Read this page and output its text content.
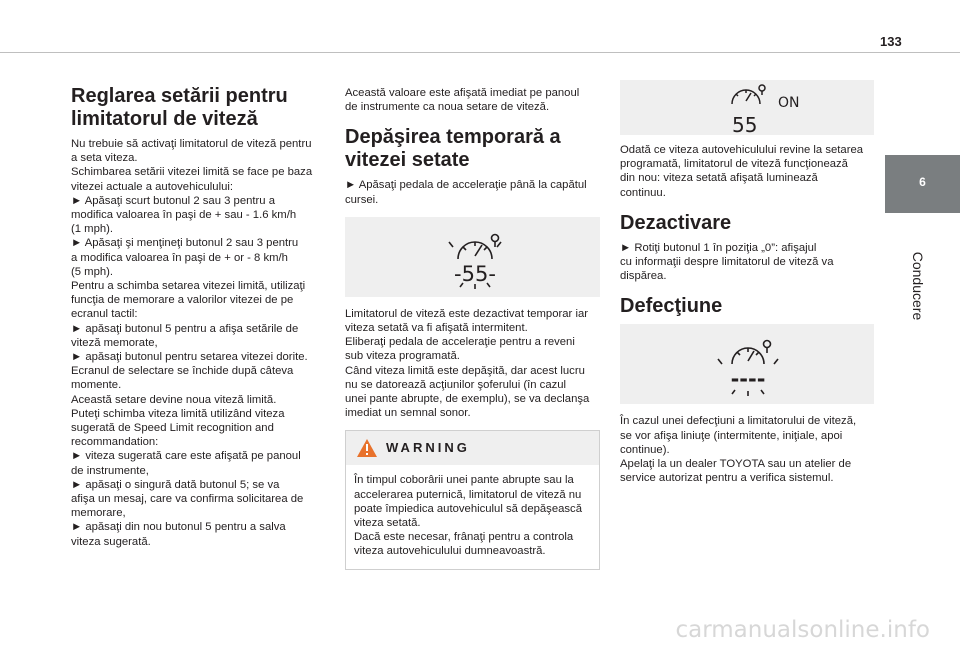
133
6
Conducere
Reglarea setării pentru limitatorul de viteză

Nu trebuie să activaţi limitatorul de viteză pentru

a seta viteza.

Schimbarea setării vitezei limită se face pe baza

vitezei actuale a autovehiculului:

► Apăsaţi scurt butonul 2 sau 3 pentru a

modifica valoarea în paşi de + sau - 1.6 km/h

(1 mph).

► Apăsaţi şi menţineţi butonul 2 sau 3 pentru

a modifica valoarea în paşi de + or - 8 km/h

(5 mph).

Pentru a schimba setarea vitezei limită, utilizaţi

funcţia de memorare a valorilor vitezei de pe

ecranul tactil:

► apăsaţi butonul 5 pentru a afişa setările de

viteză memorate,

► apăsaţi butonul pentru setarea vitezei dorite.

Ecranul de selectare se închide după câteva

momente.

Această setare devine noua viteză limită.

Puteţi schimba viteza limită utilizând viteza

sugerată de Speed Limit recognition and

recommandation:

► viteza sugerată care este afişată pe panoul

de instrumente,

► apăsaţi o singură dată butonul 5; se va

afişa un mesaj, care va confirma solicitarea de

memorare,

► apăsaţi din nou butonul 5 pentru a salva

viteza sugerată.

Această valoare este afişată imediat pe panoul

de instrumente ca noua setare de viteză.

Depăşirea temporară a vitezei setate

► Apăsaţi pedala de acceleraţie până la capătul

cursei.

-55-

Limitatorul de viteză este dezactivat temporar iar

viteza setată va fi afişată intermitent.

Eliberaţi pedala de acceleraţie pentru a reveni

sub viteza programată.

Când viteza limită este depăşită, dar acest lucru

nu se datorează acţiunilor şoferului (în cazul

unei pante abrupte, de exemplu), se va declanşa

imediat un semnal sonor.

WARNING

În timpul coborârii unei pante abrupte sau la

accelerarea puternică, limitatorul de viteză nu

poate împiedica autovehiculul să depăşească

viteza setată.

Dacă este necesar, frânaţi pentru a controla

viteza autovehiculului dumneavoastră.

ON
55

Odată ce viteza autovehiculului revine la setarea

programată, limitatorul de viteză funcţionează

din nou: viteza setată afişată luminează

continuu.

Dezactivare

► Rotiţi butonul 1 în poziţia „0”: afişajul

cu informaţii despre limitatorul de viteză va

dispărea.

Defecţiune
----

În cazul unei defecţiuni a limitatorului de viteză,

se vor afişa liniuţe (intermitente, iniţiale, apoi

continue).

Apelaţi la un dealer TOYOTA sau un atelier de

service autorizat pentru a verifica sistemul.

carmanualsonline.info
